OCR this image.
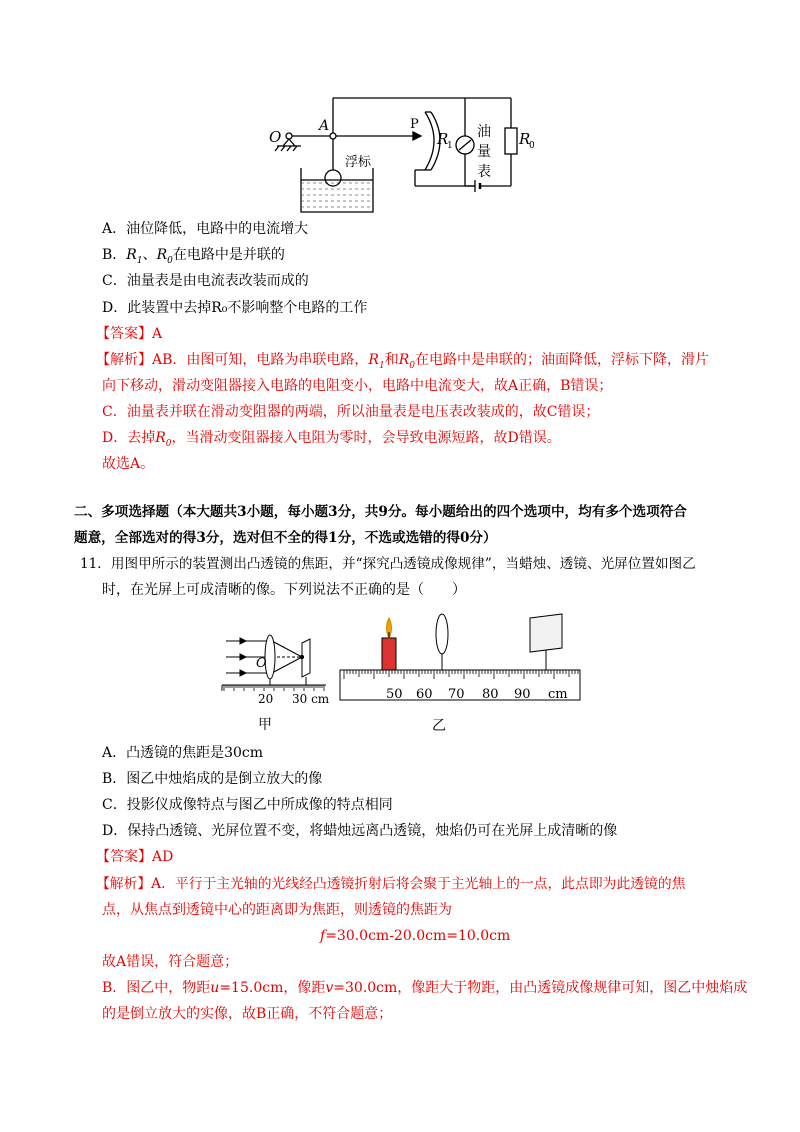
O
A	P
R
1	R
0
浮标
油
量
表
A．油位降低，电路中的电流增大
B．$R_1$、$R_0$在电路中是并联的
C．油量表是由电流表改装而成的
D．此装置中去掉R₀不影响整个电路的工作
【答案】A
【解析】AB．由图可知，电路为串联电路，$R_1$和$R_0$在电路中是串联的；油面降低，浮标下降，滑片
向下移动，滑动变阻器接入电路的电阻变小，电路中电流变大，故A正确，B错误；
C．油量表并联在滑动变阻器的两端，所以油量表是电压表改装成的，故C错误；
D．去掉$R_0$，当滑动变阻器接入电阻为零时，会导致电源短路，故D错误。
故选A。
二、多项选择题（本大题共3小题，每小题3分，共9分。每小题给出的四个选项中，均有多个选项符合
题意，全部选对的得3分，选对但不全的得1分，不选或选错的得0分）
11．用图甲所示的装置测出凸透镜的焦距，并“探究凸透镜成像规律”，当蜡烛、透镜、光屏位置如图乙
时，在光屏上可成清晰的像。下列说法不正确的是（　　）
O
20 30 cm
甲
50 60 70 80 90 cm
乙
A．凸透镜的焦距是30cm
B．图乙中烛焰成的是倒立放大的像
C．投影仪成像特点与图乙中所成像的特点相同
D．保持凸透镜、光屏位置不变，将蜡烛远离凸透镜，烛焰仍可在光屏上成清晰的像
【答案】AD
【解析】A．平行于主光轴的光线经凸透镜折射后将会聚于主光轴上的一点，此点即为此透镜的焦
点，从焦点到透镜中心的距离即为焦距，则透镜的焦距为
f=30.0cm-20.0cm=10.0cm
故A错误，符合题意；
B．图乙中，物距u=15.0cm，像距v=30.0cm，像距大于物距，由凸透镜成像规律可知，图乙中烛焰成
的是倒立放大的实像，故B正确，不符合题意；
